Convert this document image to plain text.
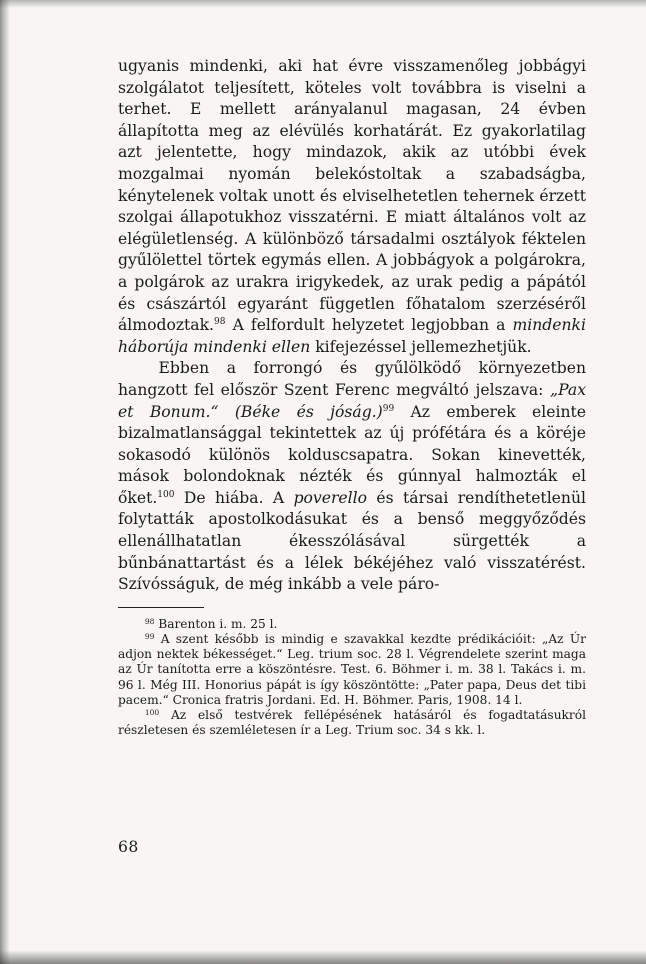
ugyanis mindenki, aki hat évre visszamenőleg jobbágyi szolgálatot teljesített, köteles volt továbbra is viselni a terhet. E mellett arányalanul magasan, 24 évben állapította meg az elévülés korhatárát. Ez gyakorlatilag azt jelentette, hogy mindazok, akik az utóbbi évek mozgalmai nyomán belekóstoltak a szabadságba, kénytelenek voltak unott és elviselhetetlen tehernek érzett szolgai állapotukhoz visszatérni. E miatt általános volt az elégületlenség. A különböző társadalmi osztályok féktelen gyűlölettel törtek egymás ellen. A jobbágyok a polgárokra, a polgárok az urakra irigykedek, az urak pedig a pápától és császártól egyaránt független főhatalom szerzéséről álmodoztak.$^{98}$ A felfordult helyzetet legjobban a mindenki háborúja mindenki ellen kifejezéssel jellemezhetjük.

Ebben a forrongó és gyűlölködő környezetben hangzott fel először Szent Ferenc megváltó jelszava: „Pax et Bonum.“ (Béke és jóság.)$^{99}$ Az emberek eleinte bizalmatlansággal tekintettek az új prófétára és a köréje sokasodó különös kolduscsapatra. Sokan kinevették, mások bolondoknak nézték és gúnnyal halmozták el őket.$^{100}$ De hiába. A poverello és társai rendíthetetlenül folytatták apostolkodásukat és a benső meggyőződés ellenállhatatlan ékesszólásával sürgették a bűnbánattartást és a lélek békéjéhez való visszatérést. Szívósságuk, de még inkább a vele páro-

$^{98}$ Barenton i. m. 25 l.

$^{99}$ A szent később is mindig e szavakkal kezdte prédikációit: „Az Úr adjon nektek békességet.“ Leg. trium soc. 28 l. Végrendelete szerint maga az Úr tanította erre a köszöntésre. Test. 6. Böhmer i. m. 38 l. Takács i. m. 96 l. Még III. Honorius pápát is így köszöntötte: „Pater papa, Deus det tibi pacem.“ Cronica fratris Jordani. Ed. H. Böhmer. Paris, 1908. 14 l.

$^{100}$ Az első testvérek fellépésének hatásáról és fogadtatásukról részletesen és szemléletesen ír a Leg. Trium soc. 34 s kk. l.

68
